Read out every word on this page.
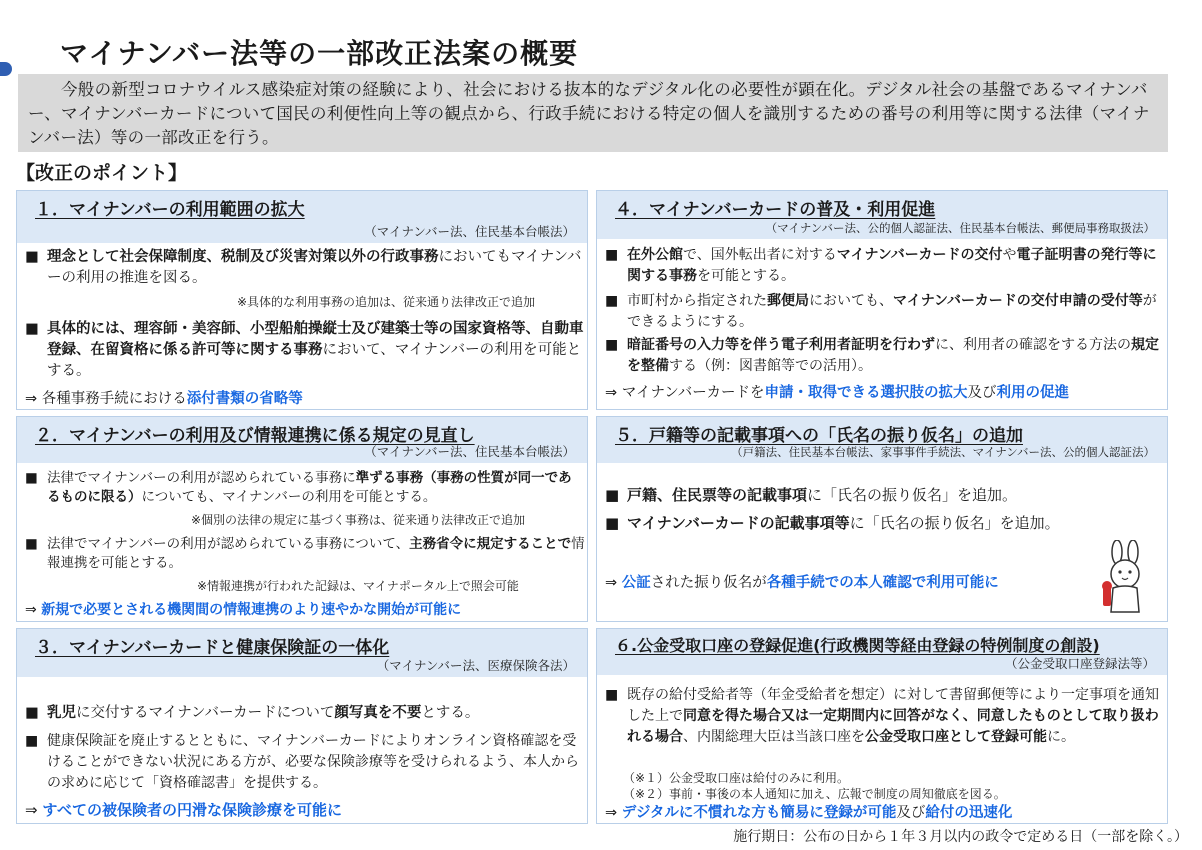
マイナンバー法等の一部改正法案の概要
今般の新型コロナウイルス感染症対策の経験により、社会における抜本的なデジタル化の必要性が顕在化。デジタル社会の基盤であるマイナンバー、マイナンバーカードについて国民の利便性向上等の観点から、行政手続における特定の個人を識別するための番号の利用等に関する法律（マイナンバー法）等の一部改正を行う。
【改正のポイント】
１．マイナンバーの利用範囲の拡大
（マイナンバー法、住民基本台帳法）
■ 理念として社会保障制度、税制及び災害対策以外の行政事務においてもマイナンバーの利用の推進を図る。
※具体的な利用事務の追加は、従来通り法律改正で追加
■ 具体的には、理容師・美容師、小型船舶操縦士及び建築士等の国家資格等、自動車登録、在留資格に係る許可等に関する事務において、マイナンバーの利用を可能とする。
⇒ 各種事務手続における添付書類の省略等
２．マイナンバーの利用及び情報連携に係る規定の見直し
（マイナンバー法、住民基本台帳法）
■ 法律でマイナンバーの利用が認められている事務に準ずる事務（事務の性質が同一であるものに限る）についても、マイナンバーの利用を可能とする。
※個別の法律の規定に基づく事務は、従来通り法律改正で追加
■ 法律でマイナンバーの利用が認められている事務について、主務省令に規定することで情報連携を可能とする。
※情報連携が行われた記録は、マイナポータル上で照会可能
⇒ 新規で必要とされる機関間の情報連携のより速やかな開始が可能に
３．マイナンバーカードと健康保険証の一体化
（マイナンバー法、医療保険各法）
■ 乳児に交付するマイナンバーカードについて顔写真を不要とする。
■ 健康保険証を廃止するとともに、マイナンバーカードによりオンライン資格確認を受けることができない状況にある方が、必要な保険診療等を受けられるよう、本人からの求めに応じて「資格確認書」を提供する。
⇒ すべての被保険者の円滑な保険診療を可能に
４．マイナンバーカードの普及・利用促進
（マイナンバー法、公的個人認証法、住民基本台帳法、郵便局事務取扱法）
■ 在外公館で、国外転出者に対するマイナンバーカードの交付や電子証明書の発行等に関する事務を可能とする。
■ 市町村から指定された郵便局においても、マイナンバーカードの交付申請の受付等ができるようにする。
■ 暗証番号の入力等を伴う電子利用者証明を行わずに、利用者の確認をする方法の規定を整備する（例：図書館等での活用）。
⇒ マイナンバーカードを申請・取得できる選択肢の拡大及び利用の促進
５．戸籍等の記載事項への「氏名の振り仮名」の追加
（戸籍法、住民基本台帳法、家事事件手続法、マイナンバー法、公的個人認証法）
■ 戸籍、住民票等の記載事項に「氏名の振り仮名」を追加。
■ マイナンバーカードの記載事項等に「氏名の振り仮名」を追加。
⇒ 公証された振り仮名が各種手続での本人確認で利用可能に
６.公金受取口座の登録促進(行政機関等経由登録の特例制度の創設)
（公金受取口座登録法等）
■ 既存の給付受給者等（年金受給者を想定）に対して書留郵便等により一定事項を通知した上で同意を得た場合又は一定期間内に回答がなく、同意したものとして取り扱われる場合、内閣総理大臣は当該口座を公金受取口座として登録可能に。
（※１）公金受取口座は給付のみに利用。
（※２）事前・事後の本人通知に加え、広報で制度の周知徹底を図る。
⇒ デジタルに不慣れな方も簡易に登録が可能及び給付の迅速化
施行期日：公布の日から１年３月以内の政令で定める日（一部を除く。）
